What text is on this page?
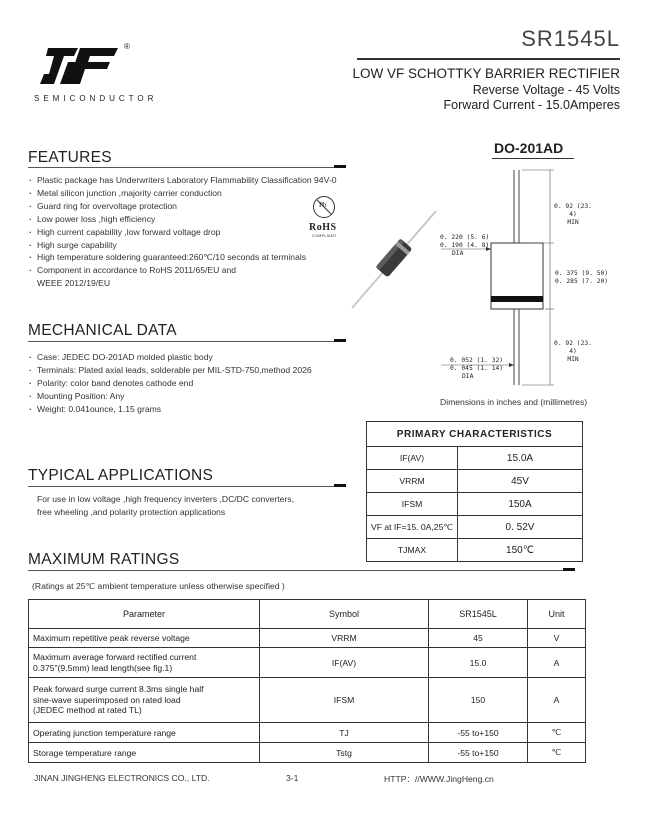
®
SEMICONDUCTOR
SR1545L
LOW VF SCHOTTKY BARRIER RECTIFIER
Reverse Voltage - 45 Volts
Forward Current - 15.0Amperes
FEATURES
· Plastic package has Underwriters Laboratory Flammability Classification 94V-0
· Metal silicon junction ,majority carrier conduction
· Guard ring for overvoltage protection
· Low power loss ,high efficiency
· High current capability ,low forward voltage drop
· High surge capability
· High temperature soldering guaranteed:260℃/10 seconds at terminals
· Component in accordance to RoHS 2011/65/EU and
WEEE 2012/19/EU
Pb
RoHS
COMPLIANT
DO-201AD
0. 92 (23. 4)
MIN
0. 220 (5. 6)
0. 190 (4. 8)
DIA
0. 375 (9. 50)
0. 285 (7. 20)
0. 92 (23. 4)
MIN
0. 052 (1. 32)
0. 045 (1. 14)
DIA
Dimensions in inches and (millimetres)
MECHANICAL DATA
· Case: JEDEC DO-201AD molded plastic body
· Terminals: Plated axial leads, solderable per MIL-STD-750,method 2026
· Polarity: color band denotes cathode end
· Mounting Position: Any
· Weight: 0.041ounce, 1.15 grams
PRIMARY CHARACTERISTICS	
IF(AV)	15.0A
VRRM	45V
IFSM	150A
VF at IF=15. 0A,25℃	0. 52V
TJMAX	150℃
TYPICAL APPLICATIONS
For use in low voltage ,high frequency inverters ,DC/DC converters,
free wheeling ,and polarity protection applications
MAXIMUM RATINGS
(Ratings at 25℃ ambient temperature unless otherwise specified )
Parameter	Symbol	SR1545L	Unit

Maximum repetitive peak reverse voltage	VRRM	45	V

Maximum average forward rectified current
0.375"(9.5mm) lead length(see fig.1)	IF(AV)	15.0	A

Peak forward surge current 8.3ms single half
sine-wave superimposed on rated load
(JEDEC method at rated TL)	IFSM	150	A

Operating junction temperature range	TJ	-55 to+150	℃

Storage temperature range	Tstg	-55 to+150	℃
JINAN JINGHENG ELECTRONICS CO., LTD.	3-1	HTTP：//WWW.JingHeng.cn
